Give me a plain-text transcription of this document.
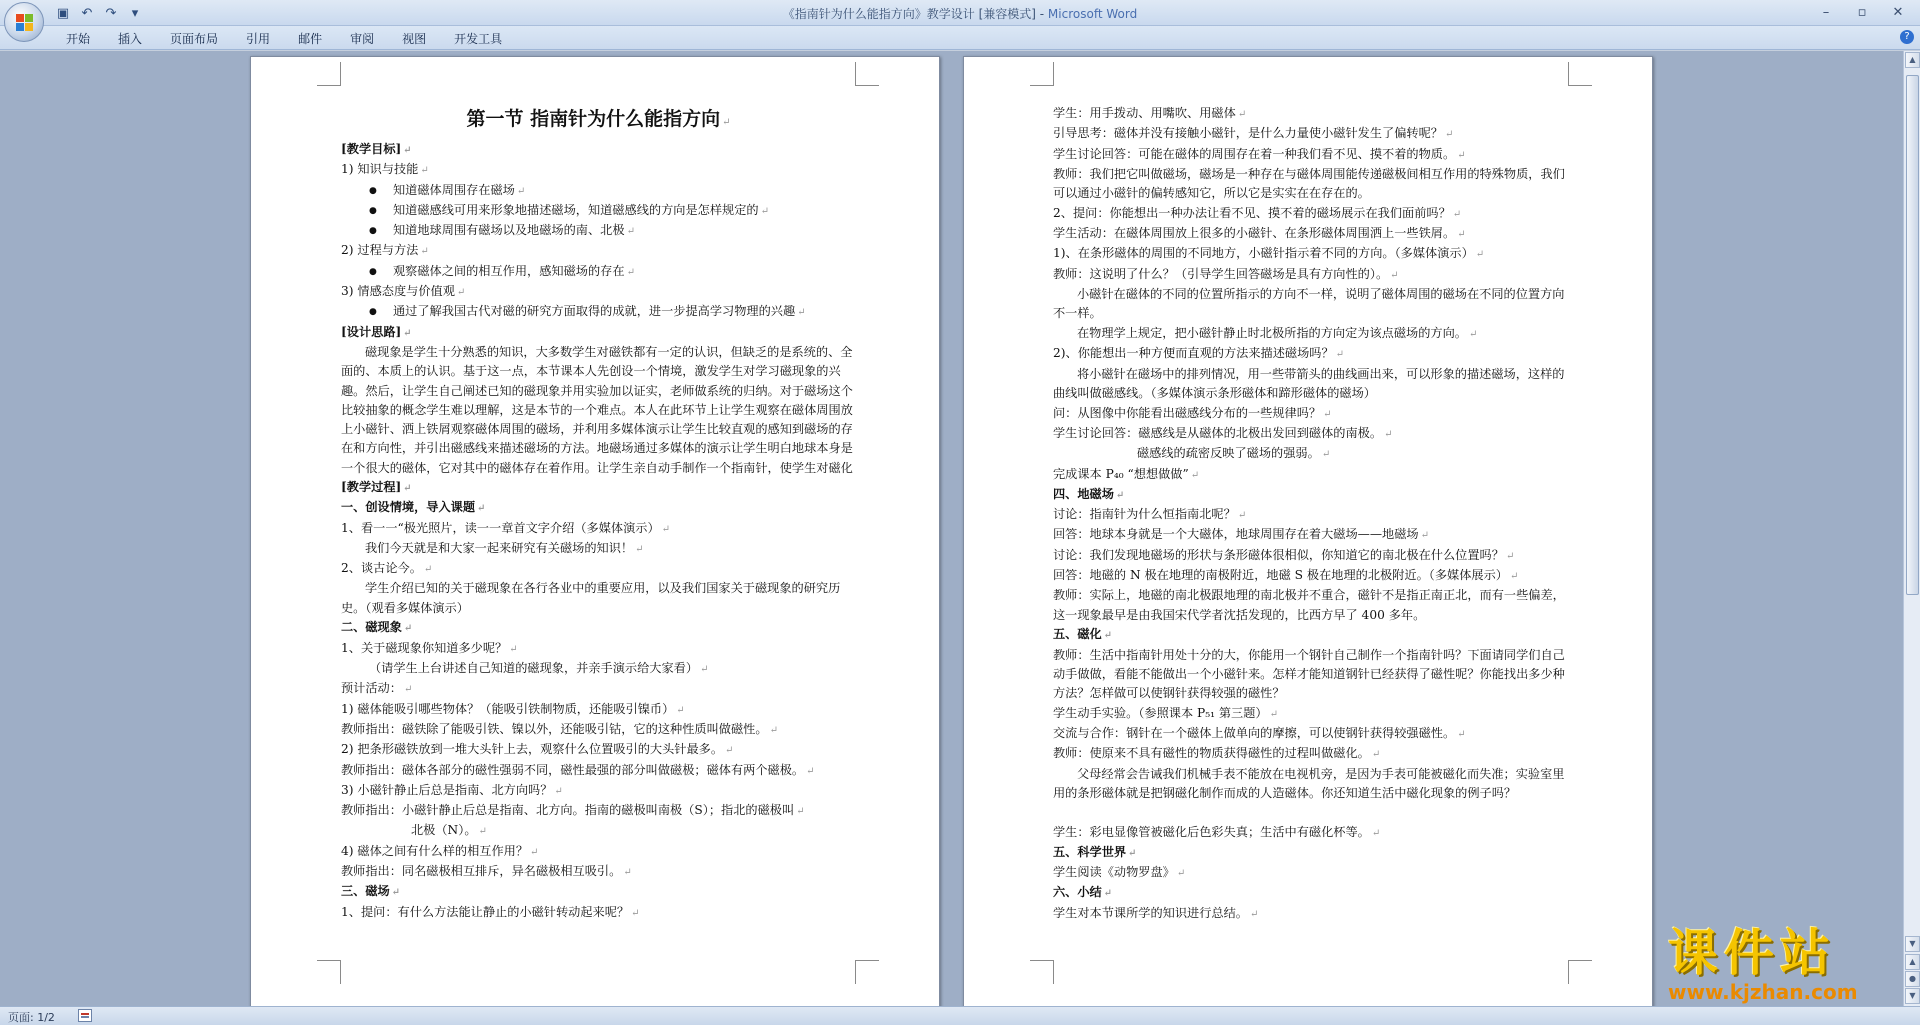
▣ ↶ ↷	▾	《指南针为什么能指方向》教学设计 [兼容模式] - Microsoft Word	–	▫	✕
开始	插入	页面布局	引用	邮件	审阅	视图	开发工具	?
第一节 指南针为什么能指方向 ↵
[教学目标] ↵
1) 知识与技能 ↵
● 知道磁体周围存在磁场 ↵
● 知道磁感线可用来形象地描述磁场，知道磁感线的方向是怎样规定的 ↵
● 知道地球周围有磁场以及地磁场的南、北极 ↵
2) 过程与方法 ↵
● 观察磁体之间的相互作用，感知磁场的存在 ↵
3) 情感态度与价值观 ↵
● 通过了解我国古代对磁的研究方面取得的成就，进一步提高学习物理的兴趣 ↵
[设计思路] ↵
磁现象是学生十分熟悉的知识，大多数学生对磁铁都有一定的认识，但缺乏的是系统的、全面的、本质上的认识。基于这一点，本节课本人先创设一个情境，激发学生对学习磁现象的兴趣。然后，让学生自己阐述已知的磁现象并用实验加以证实，老师做系统的归纳。对于磁场这个比较抽象的概念学生难以理解，这是本节的一个难点。本人在此环节上让学生观察在磁体周围放上小磁针、洒上铁屑观察磁体周围的磁场，并利用多媒体演示让学生比较直观的感知到磁场的存在和方向性，并引出磁感线来描述磁场的方法。地磁场通过多媒体的演示让学生明白地球本身是一个很大的磁体，它对其中的磁体存在着作用。让学生亲自动手制作一个指南针，使学生对磁化
[教学过程] ↵
一、创设情境，导入课题 ↵
1、看一一“极光照片，读一一章首文字介绍（多媒体演示） ↵
我们今天就是和大家一起来研究有关磁场的知识！ ↵
2、谈古论今。 ↵
学生介绍已知的关于磁现象在各行各业中的重要应用，以及我们国家关于磁现象的研究历史。（观看多媒体演示）
二、磁现象 ↵
1、关于磁现象你知道多少呢？ ↵
（请学生上台讲述自己知道的磁现象，并亲手演示给大家看） ↵
预计活动： ↵
1) 磁体能吸引哪些物体？（能吸引铁制物质，还能吸引镍币） ↵
教师指出：磁铁除了能吸引铁、镍以外，还能吸引钴，它的这种性质叫做磁性。 ↵
2) 把条形磁铁放到一堆大头针上去，观察什么位置吸引的大头针最多。 ↵
教师指出：磁体各部分的磁性强弱不同，磁性最强的部分叫做磁极；磁体有两个磁极。 ↵
3) 小磁针静止后总是指南、北方向吗？ ↵
教师指出：小磁针静止后总是指南、北方向。指南的磁极叫南极（S）；指北的磁极叫 ↵
北极（N）。 ↵
4) 磁体之间有什么样的相互作用？ ↵
教师指出：同名磁极相互排斥，异名磁极相互吸引。 ↵
三、磁场 ↵
1、提问：有什么方法能让静止的小磁针转动起来呢？ ↵
学生：用手拨动、用嘴吹、用磁体 ↵
引导思考：磁体并没有接触小磁针，是什么力量使小磁针发生了偏转呢？ ↵
学生讨论回答：可能在磁体的周围存在着一种我们看不见、摸不着的物质。 ↵
教师：我们把它叫做磁场，磁场是一种存在与磁体周围能传递磁极间相互作用的特殊物质，我们可以通过小磁针的偏转感知它，所以它是实实在在存在的。
2、提问：你能想出一种办法让看不见、摸不着的磁场展示在我们面前吗？ ↵
学生活动：在磁体周围放上很多的小磁针、在条形磁体周围洒上一些铁屑。 ↵
1)、在条形磁体的周围的不同地方，小磁针指示着不同的方向。（多媒体演示） ↵
教师：这说明了什么？（引导学生回答磁场是具有方向性的）。 ↵
小磁针在磁体的不同的位置所指示的方向不一样，说明了磁体周围的磁场在不同的位置方向不一样。
在物理学上规定，把小磁针静止时北极所指的方向定为该点磁场的方向。 ↵
2)、你能想出一种方便而直观的方法来描述磁场吗？ ↵
将小磁针在磁场中的排列情况，用一些带箭头的曲线画出来，可以形象的描述磁场，这样的曲线叫做磁感线。（多媒体演示条形磁体和蹄形磁体的磁场）
问：从图像中你能看出磁感线分布的一些规律吗？ ↵
学生讨论回答：磁感线是从磁体的北极出发回到磁体的南极。 ↵
磁感线的疏密反映了磁场的强弱。 ↵
完成课本 P₄₀ “想想做做” ↵
四、地磁场 ↵
讨论：指南针为什么恒指南北呢？ ↵
回答：地球本身就是一个大磁体，地球周围存在着大磁场——地磁场 ↵
讨论：我们发现地磁场的形状与条形磁体很相似，你知道它的南北极在什么位置吗？ ↵
回答：地磁的 N 极在地理的南极附近，地磁 S 极在地理的北极附近。（多媒体展示） ↵
教师：实际上，地磁的南北极跟地理的南北极并不重合，磁针不是指正南正北，而有一些偏差，这一现象最早是由我国宋代学者沈括发现的，比西方早了 400 多年。
五、磁化 ↵
教师：生活中指南针用处十分的大，你能用一个钢针自己制作一个指南针吗？下面请同学们自己动手做做，看能不能做出一个小磁针来。怎样才能知道钢针已经获得了磁性呢？你能找出多少种方法？怎样做可以使钢针获得较强的磁性？
学生动手实验。（参照课本 P₅₁ 第三题） ↵
交流与合作：钢针在一个磁体上做单向的摩擦，可以使钢针获得较强磁性。 ↵
教师：使原来不具有磁性的物质获得磁性的过程叫做磁化。 ↵
父母经常会告诫我们机械手表不能放在电视机旁，是因为手表可能被磁化而失准；实验室里用的条形磁体就是把钢磁化制作而成的人造磁体。你还知道生活中磁化现象的例子吗？
学生：彩电显像管被磁化后色彩失真；生活中有磁化杯等。 ↵
五、科学世界 ↵
学生阅读《动物罗盘》 ↵
六、小结 ↵
学生对本节课所学的知识进行总结。 ↵
▲
▼
▲
●
▼
页面: 1/2
课件站
www.kjzhan.com
